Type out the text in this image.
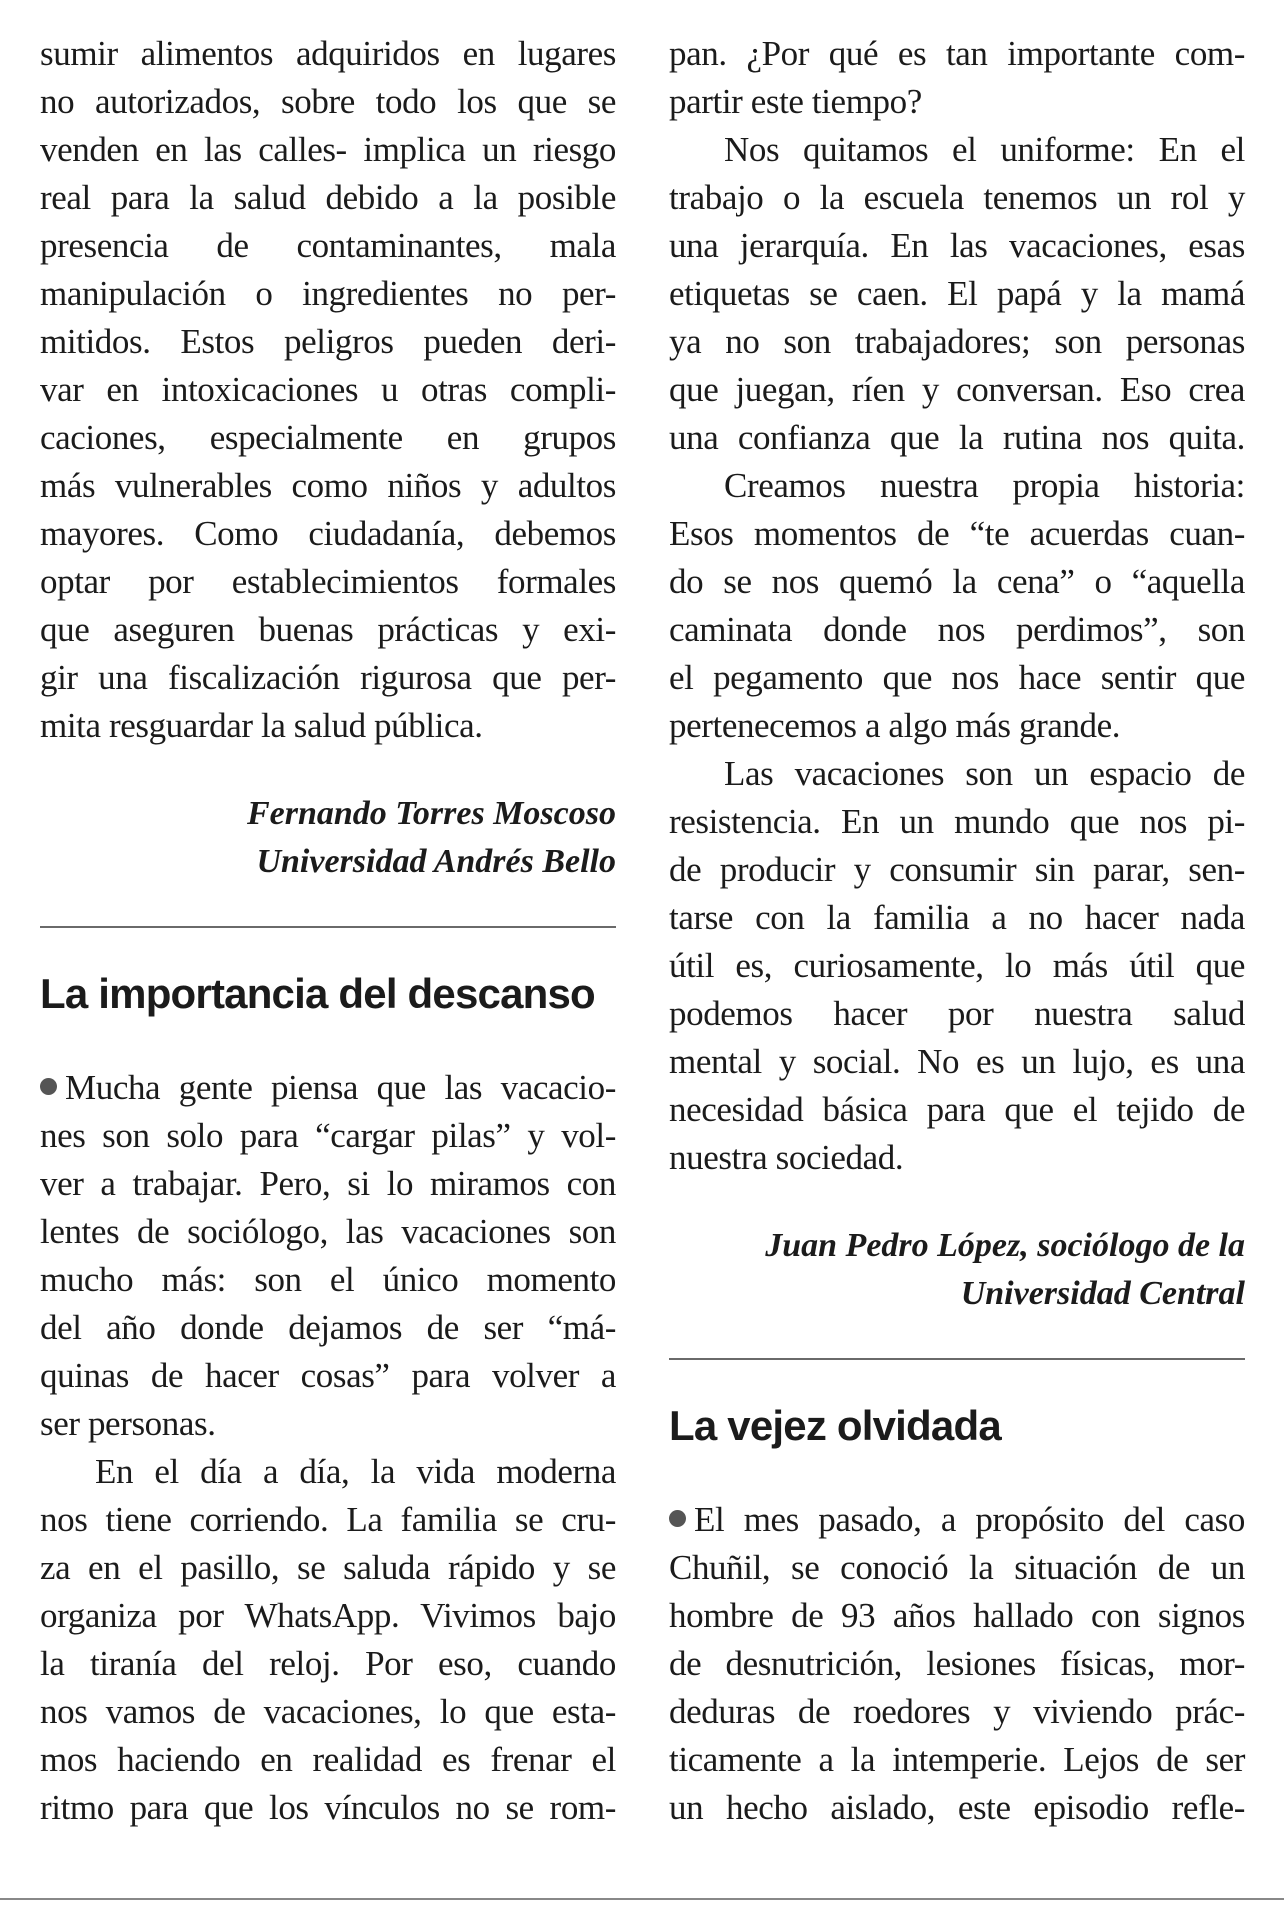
sumir alimentos adquiridos en lugares
no autorizados, sobre todo los que se
venden en las calles- implica un riesgo
real para la salud debido a la posible
presencia de contaminantes, mala
manipulación o ingredientes no per-
mitidos. Estos peligros pueden deri-
var en intoxicaciones u otras compli-
caciones, especialmente en grupos
más vulnerables como niños y adultos
mayores. Como ciudadanía, debemos
optar por establecimientos formales
que aseguren buenas prácticas y exi-
gir una fiscalización rigurosa que per-
mita resguardar la salud pública.
Fernando Torres Moscoso
Universidad Andrés Bello
La importancia del descanso
Mucha gente piensa que las vacacio-
nes son solo para “cargar pilas” y vol-
ver a trabajar. Pero, si lo miramos con
lentes de sociólogo, las vacaciones son
mucho más: son el único momento
del año donde dejamos de ser “má-
quinas de hacer cosas” para volver a
ser personas.
En el día a día, la vida moderna
nos tiene corriendo. La familia se cru-
za en el pasillo, se saluda rápido y se
organiza por WhatsApp. Vivimos bajo
la tiranía del reloj. Por eso, cuando
nos vamos de vacaciones, lo que esta-
mos haciendo en realidad es frenar el
ritmo para que los vínculos no se rom-
pan. ¿Por qué es tan importante com-
partir este tiempo?
Nos quitamos el uniforme: En el
trabajo o la escuela tenemos un rol y
una jerarquía. En las vacaciones, esas
etiquetas se caen. El papá y la mamá
ya no son trabajadores; son personas
que juegan, ríen y conversan. Eso crea
una confianza que la rutina nos quita.
Creamos nuestra propia historia:
Esos momentos de “te acuerdas cuan-
do se nos quemó la cena” o “aquella
caminata donde nos perdimos”, son
el pegamento que nos hace sentir que
pertenecemos a algo más grande.
Las vacaciones son un espacio de
resistencia. En un mundo que nos pi-
de producir y consumir sin parar, sen-
tarse con la familia a no hacer nada
útil es, curiosamente, lo más útil que
podemos hacer por nuestra salud
mental y social. No es un lujo, es una
necesidad básica para que el tejido de
nuestra sociedad.
Juan Pedro López, sociólogo de la
Universidad Central
La vejez olvidada
El mes pasado, a propósito del caso
Chuñil, se conoció la situación de un
hombre de 93 años hallado con signos
de desnutrición, lesiones físicas, mor-
deduras de roedores y viviendo prác-
ticamente a la intemperie. Lejos de ser
un hecho aislado, este episodio refle-
